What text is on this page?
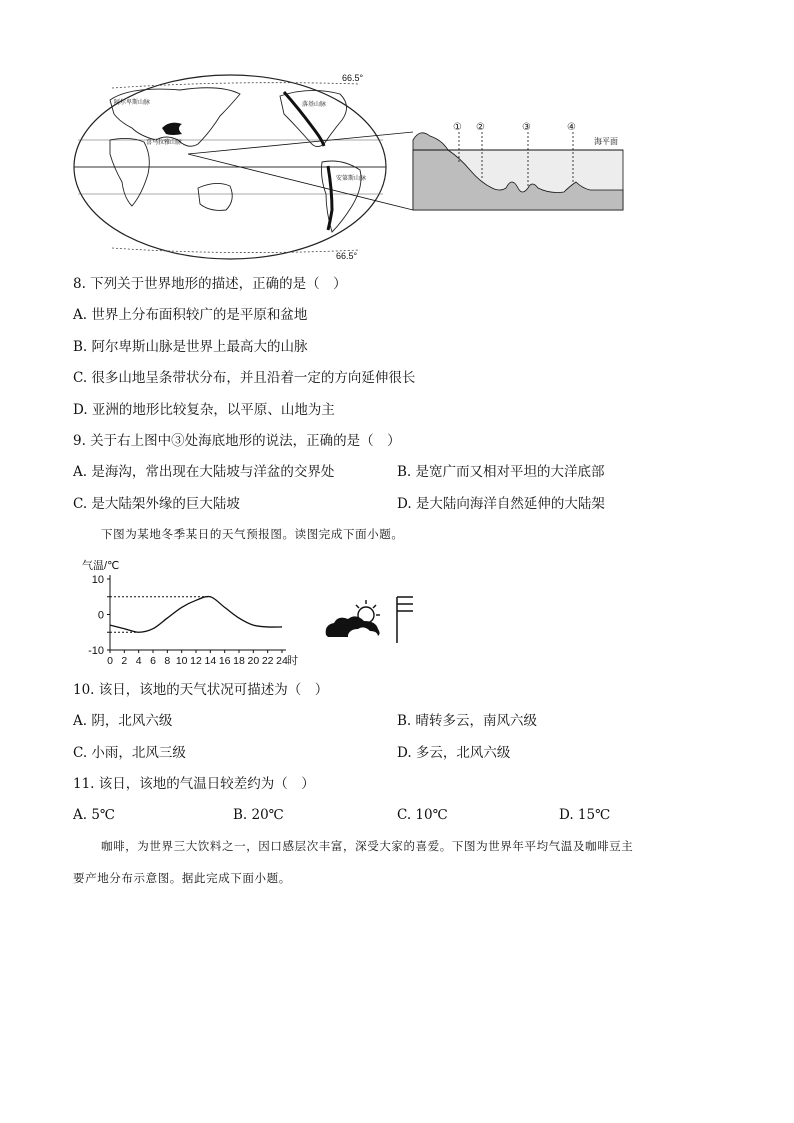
66.5°
66.5°
阿尔卑斯山脉
喜马拉雅山脉
落基山脉
安第斯山脉
① ②	③	④
海平面
8. 下列关于世界地形的描述，正确的是（　）
A. 世界上分布面积较广的是平原和盆地
B. 阿尔卑斯山脉是世界上最高大的山脉
C. 很多山地呈条带状分布，并且沿着一定的方向延伸很长
D. 亚洲的地形比较复杂，以平原、山地为主
9. 关于右上图中③处海底地形的说法，正确的是（　）
A. 是海沟，常出现在大陆坡与洋盆的交界处	B. 是宽广而又相对平坦的大洋底部
C. 是大陆架外缘的巨大陆坡	D. 是大陆向海洋自然延伸的大陆架
下图为某地冬季某日的天气预报图。读图完成下面小题。
气温/℃
10
0
-10
0 2 4 6 8 10 12 14 16 18 20 22 24 时
10. 该日，该地的天气状况可描述为（　）
A. 阴，北风六级	B. 晴转多云，南风六级
C. 小雨，北风三级	D. 多云，北风六级
11. 该日，该地的气温日较差约为（　）
A. 5℃	B. 20℃	C. 10℃	D. 15℃
咖啡，为世界三大饮料之一，因口感层次丰富，深受大家的喜爱。下图为世界年平均气温及咖啡豆主
要产地分布示意图。据此完成下面小题。
